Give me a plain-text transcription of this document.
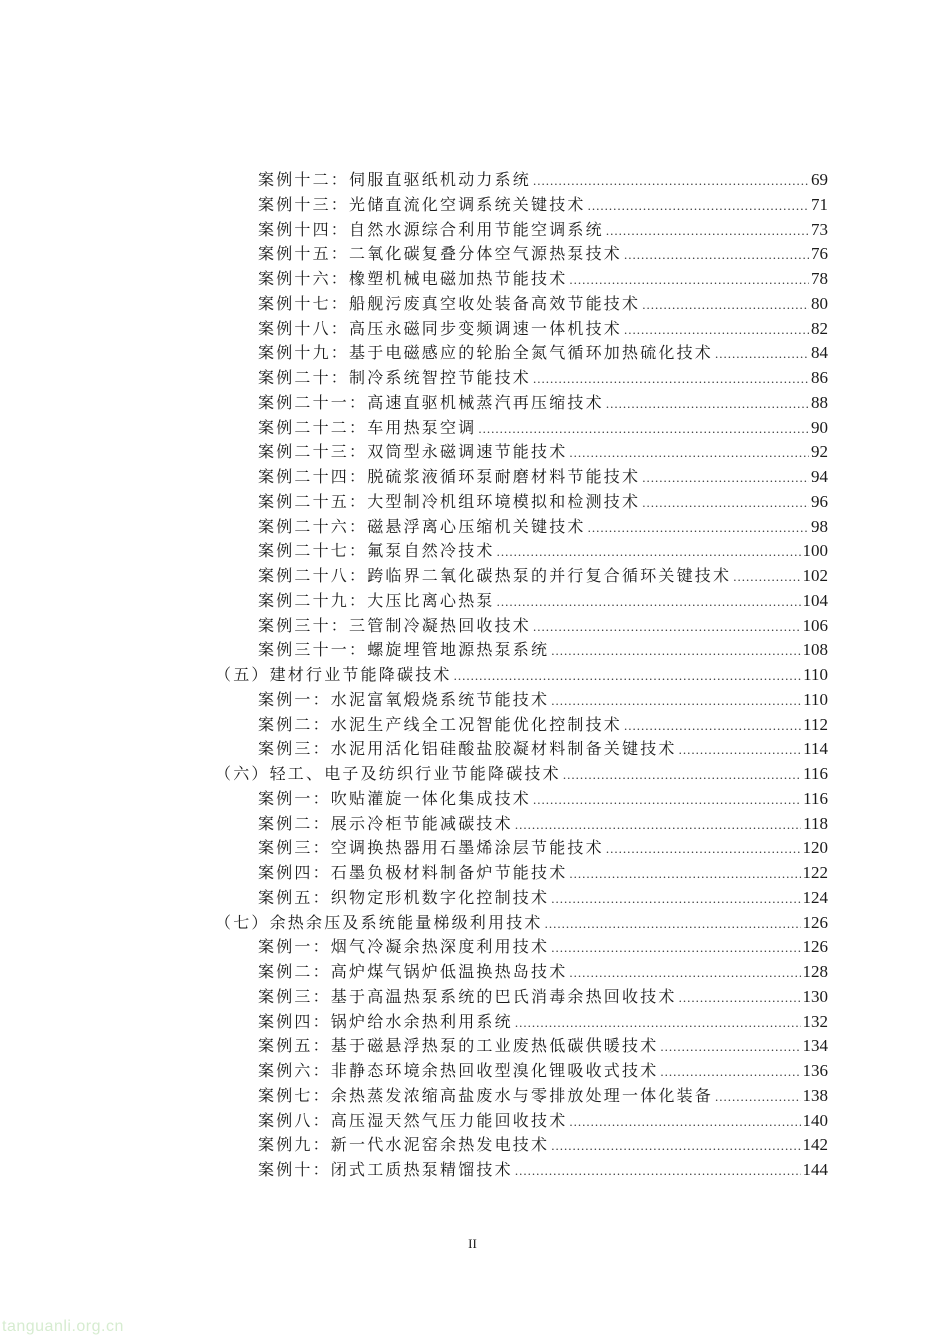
案例十二：伺服直驱纸机动力系统 .....	69
案例十三：光储直流化空调系统关键技术 .....	71
案例十四：自然水源综合利用节能空调系统 .....	73
案例十五：二氧化碳复叠分体空气源热泵技术 .....	76
案例十六：橡塑机械电磁加热节能技术 .....	78
案例十七：船舰污废真空收处装备高效节能技术 .....	80
案例十八：高压永磁同步变频调速一体机技术 .....	82
案例十九：基于电磁感应的轮胎全氮气循环加热硫化技术 .....	84
案例二十：制冷系统智控节能技术 .....	86
案例二十一：高速直驱机械蒸汽再压缩技术 .....	88
案例二十二：车用热泵空调 .....	90
案例二十三：双筒型永磁调速节能技术 .....	92
案例二十四：脱硫浆液循环泵耐磨材料节能技术 .....	94
案例二十五：大型制冷机组环境模拟和检测技术 .....	96
案例二十六：磁悬浮离心压缩机关键技术 .....	98
案例二十七：氟泵自然冷技术 .....	100
案例二十八：跨临界二氧化碳热泵的并行复合循环关键技术 .....	102
案例二十九：大压比离心热泵 .....	104
案例三十：三管制冷凝热回收技术 .....	106
案例三十一：螺旋埋管地源热泵系统 .....	108
（五）建材行业节能降碳技术 .....	110
案例一：水泥富氧煅烧系统节能技术 .....	110
案例二：水泥生产线全工况智能优化控制技术 .....	112
案例三：水泥用活化铝硅酸盐胶凝材料制备关键技术 .....	114
（六）轻工、电子及纺织行业节能降碳技术 .....	116
案例一：吹贴灌旋一体化集成技术 .....	116
案例二：展示冷柜节能减碳技术 .....	118
案例三：空调换热器用石墨烯涂层节能技术 .....	120
案例四：石墨负极材料制备炉节能技术 .....	122
案例五：织物定形机数字化控制技术 .....	124
（七）余热余压及系统能量梯级利用技术 .....	126
案例一：烟气冷凝余热深度利用技术 .....	126
案例二：高炉煤气锅炉低温换热岛技术 .....	128
案例三：基于高温热泵系统的巴氏消毒余热回收技术 .....	130
案例四：锅炉给水余热利用系统 .....	132
案例五：基于磁悬浮热泵的工业废热低碳供暖技术 .....	134
案例六：非静态环境余热回收型溴化锂吸收式技术 .....	136
案例七：余热蒸发浓缩高盐废水与零排放处理一体化装备 .....	138
案例八：高压湿天然气压力能回收技术 .....	140
案例九：新一代水泥窑余热发电技术 .....	142
案例十：闭式工质热泵精馏技术 .....	144
II
tanguanli.org.cn
